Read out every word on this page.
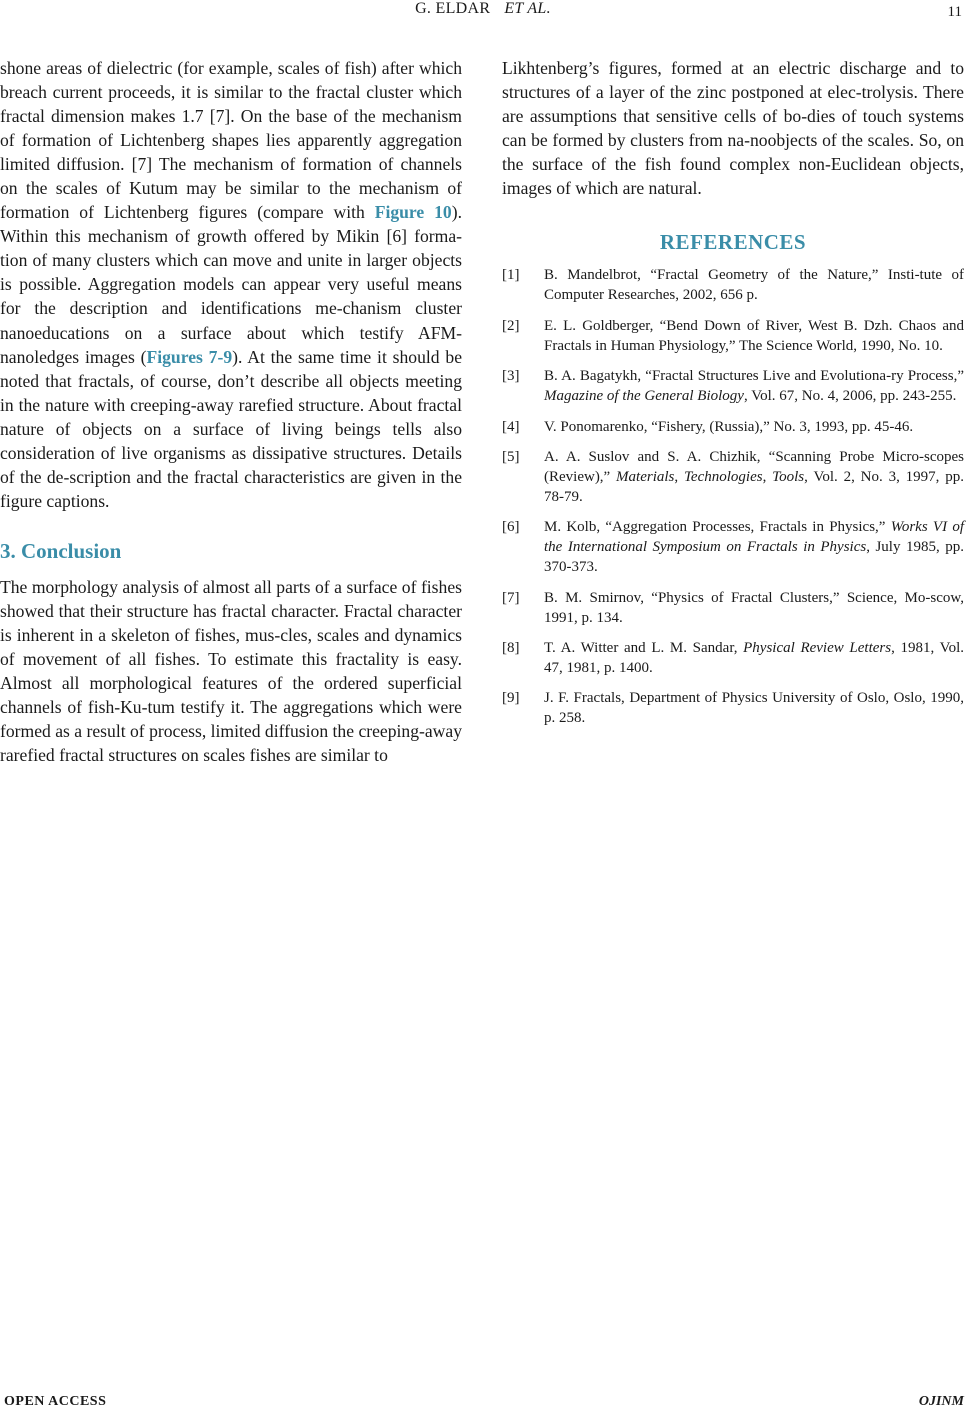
G. ELDAR ET AL.	11

shone areas of dielectric (for example, scales of fish) after which breach current proceeds, it is similar to the fractal cluster which fractal dimension makes 1.7 [7]. On the base of the mechanism of formation of Lichtenberg shapes lies apparently aggregation limited diffusion. [7] The mechanism of formation of channels on the scales of Kutum may be similar to the mechanism of formation of Lichtenberg figures (compare with Figure 10). Within this mechanism of growth offered by Mikin [6] forma-tion of many clusters which can move and unite in larger objects is possible. Aggregation models can appear very useful means for the description and identifications me-chanism cluster nanoeducations on a surface about which testify AFM-nanoledges images (Figures 7-9). At the same time it should be noted that fractals, of course, don’t describe all objects meeting in the nature with creeping-away rarefied structure. About fractal nature of objects on a surface of living beings tells also consideration of live organisms as dissipative structures. Details of the de-scription and the fractal characteristics are given in the figure captions.

3. Conclusion

The morphology analysis of almost all parts of a surface of fishes showed that their structure has fractal character. Fractal character is inherent in a skeleton of fishes, mus-cles, scales and dynamics of movement of all fishes. To estimate this fractality is easy. Almost all morphological features of the ordered superficial channels of fish-Ku-tum testify it. The aggregations which were formed as a result of process, limited diffusion the creeping-away rarefied fractal structures on scales fishes are similar to

Likhtenberg’s figures, formed at an electric discharge and to structures of a layer of the zinc postponed at elec-trolysis. There are assumptions that sensitive cells of bo-dies of touch systems can be formed by clusters from na-noobjects of the scales. So, on the surface of the fish found complex non-Euclidean objects, images of which are natural.

REFERENCES
[1] B. Mandelbrot, “Fractal Geometry of the Nature,” Insti-tute of Computer Researches, 2002, 656 p.
[2] E. L. Goldberger, “Bend Down of River, West B. Dzh. Chaos and Fractals in Human Physiology,” The Science World, 1990, No. 10.
[3] B. A. Bagatykh, “Fractal Structures Live and Evolutiona-ry Process,” Magazine of the General Biology, Vol. 67, No. 4, 2006, pp. 243-255.
[4] V. Ponomarenko, “Fishery, (Russia),” No. 3, 1993, pp. 45-46.
[5] A. A. Suslov and S. A. Chizhik, “Scanning Probe Micro-scopes (Review),” Materials, Technologies, Tools, Vol. 2, No. 3, 1997, pp. 78-79.
[6] M. Kolb, “Aggregation Processes, Fractals in Physics,” Works VI of the International Symposium on Fractals in Physics, July 1985, pp. 370-373.
[7] B. M. Smirnov, “Physics of Fractal Clusters,” Science, Mo-scow, 1991, p. 134.
[8] T. A. Witter and L. M. Sandar, Physical Review Letters, 1981, Vol. 47, 1981, p. 1400.
[9] J. F. Fractals, Department of Physics University of Oslo, Oslo, 1990, p. 258.
OPEN ACCESS	OJINM
